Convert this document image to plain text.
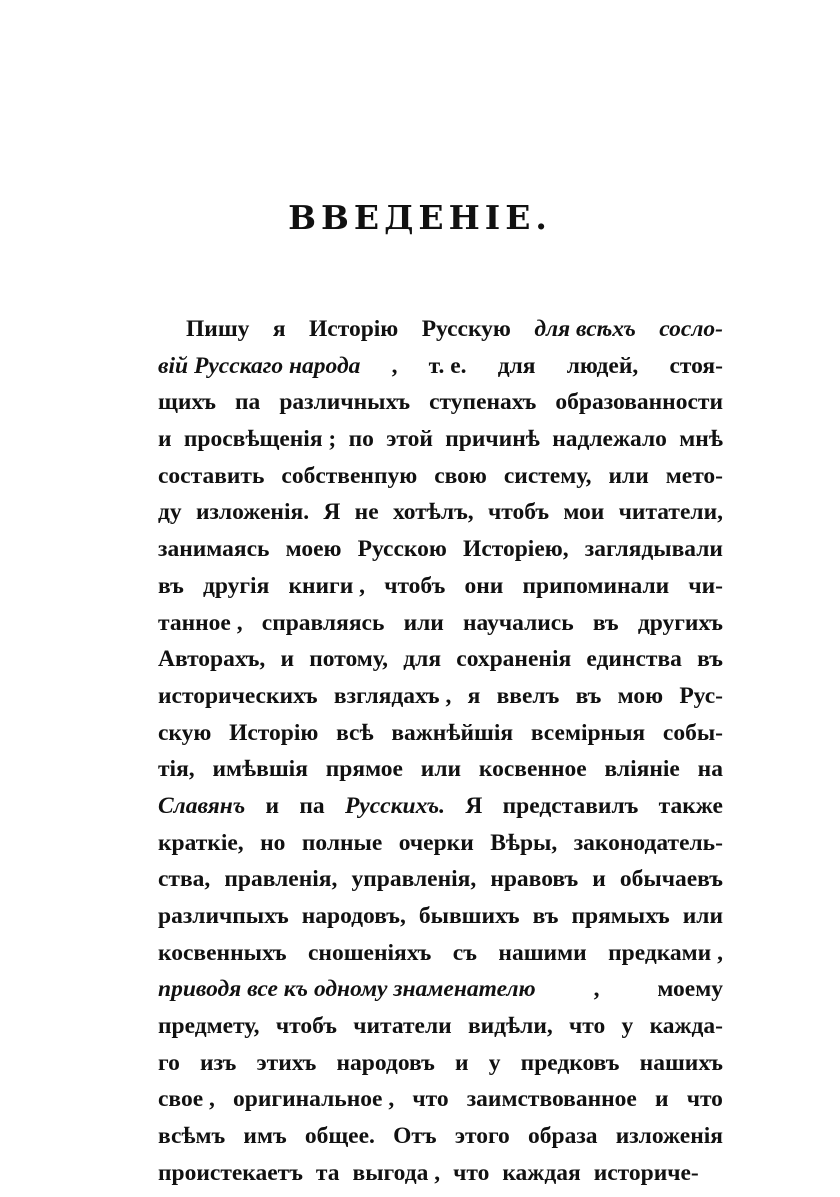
ВВЕДЕНІЕ.
Пишу я Исторію Русскую для всѣхъ сосло-
вій Русскаго народа , т. е. для людей, стоя-
щихъ па различныхъ ступенахъ образованности
и просвѣщенія ; по этой причинѣ надлежало мнѣ
составить собственпую свою систему, или мето-
ду изложенія. Я не хотѣлъ, чтобъ мои читатели,
занимаясь моею Русскою Исторіею, заглядывали
въ другія книги , чтобъ они припоминали чи-
танное , справляясь или научались въ другихъ
Авторахъ, и потому, для сохраненія единства въ
историческихъ взглядахъ , я ввелъ въ мою Рус-
скую Исторію всѣ важнѣйшія всемірныя собы-
тія, имѣвшія прямое или косвенное вліяніе на
Славянъ и па Русскихъ. Я представилъ также
краткіе, но полные очерки Вѣры, законодатель-
ства, правленія, управленія, нравовъ и обычаевъ
различпыхъ народовъ, бывшихъ въ прямыхъ или
косвенныхъ сношеніяхъ съ нашими предками ,
приводя все къ одному знаменателю , моему
предмету, чтобъ читатели видѣли, что у кажда-
го изъ этихъ народовъ и у предковъ нашихъ
свое , оригинальное , что заимствованное и что
всѣмъ имъ общее. Отъ этого образа изложенія
проистекаетъ та выгода , что каждая историче-
